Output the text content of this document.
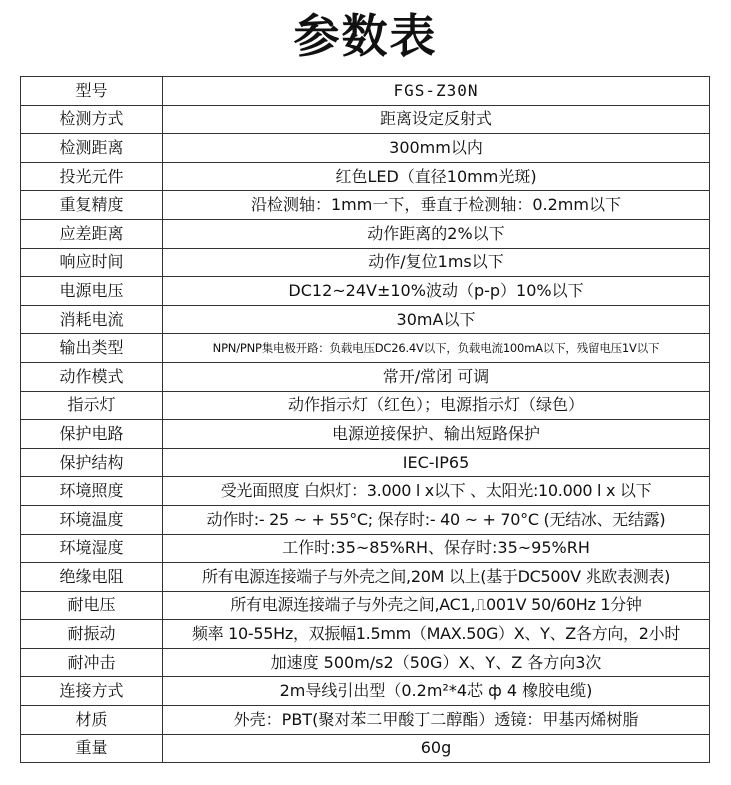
参数表
型号	FGS-Z30N
检测方式	距离设定反射式
检测距离	300mm以内
投光元件	红色LED（直径10mm光斑)
重复精度	沿检测轴：1mm一下，垂直于检测轴：0.2mm以下
应差距离	动作距离的2%以下
响应时间	动作/复位1ms以下
电源电压	DC12~24V±10%波动（p-p）10%以下
消耗电流	30mA以下
输出类型	NPN/PNP集电极开路：负载电压DC26.4V以下，负载电流100mA以下，残留电压1V以下
动作模式	常开/常闭 可调
指示灯	动作指示灯（红色）；电源指示灯（绿色）
保护电路	电源逆接保护、输出短路保护
保护结构	IEC-IP65
环境照度	受光面照度 白炽灯：3.000 l x以下 、太阳光:10.000 l x 以下
环境温度	动作时:- 25 ~ + 55°C; 保存时:- 40 ~ + 70°C (无结冰、无结露)
环境湿度	工作时:35~85%RH、保存时:35~95%RH
绝缘电阻	所有电源连接端子与外壳之间,20M 以上(基于DC500V 兆欧表测表)
耐电压	所有电源连接端子与外壳之间,AC1,⎍001V 50/60Hz 1分钟
耐振动	频率 10-55Hz，双振幅1.5mm（MAX.50G）X、Y、Z各方向，2小时
耐冲击	加速度 500m/s2（50G）X、Y、Z 各方向3次
连接方式	2m导线引出型（0.2m²*4芯 ф 4 橡胶电缆)
材质	外壳：PBT(聚对苯二甲酸丁二醇酯）透镜：甲基丙烯树脂
重量	60g
